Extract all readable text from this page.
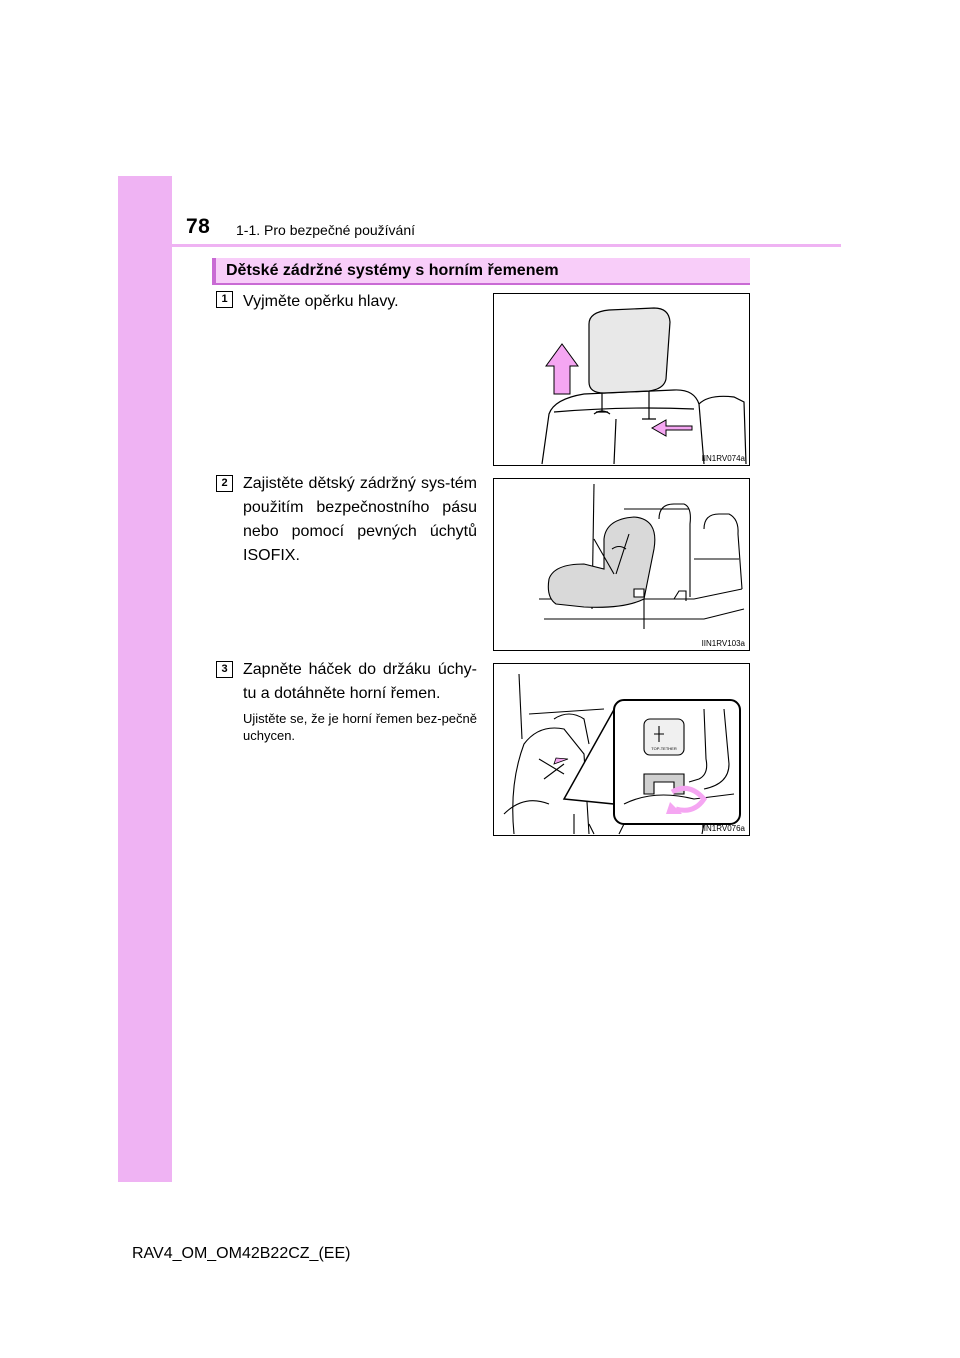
78 1-1. Pro bezpečné používání
Dětské zádržné systémy s horním řemenem
1 Vyjměte opěrku hlavy.
IIN1RV074a
2 Zajistěte dětský zádržný sys-tém použitím bezpečnostního pásu nebo pomocí pevných úchytů ISOFIX.
IIN1RV103a
3 Zapněte háček do držáku úchy-tu a dotáhněte horní řemen.
Ujistěte se, že je horní řemen bez-pečně uchycen.
TOP-TETHER
IIN1RV076a
RAV4_OM_OM42B22CZ_(EE)
